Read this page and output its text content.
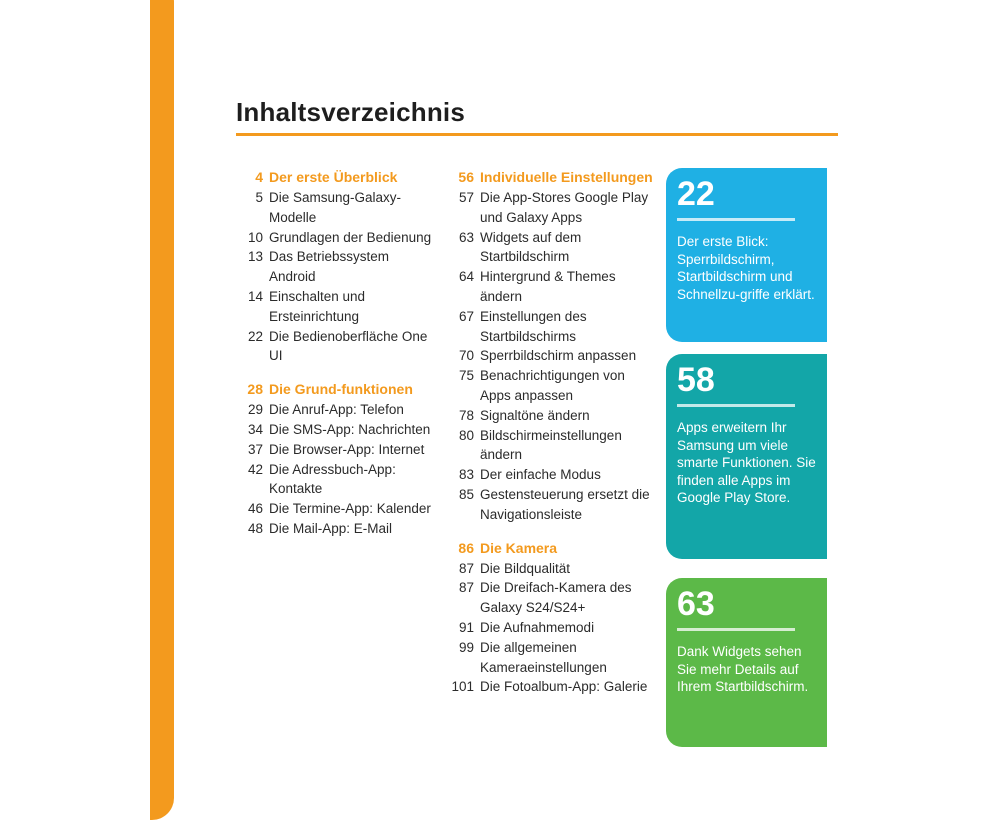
Inhaltsverzeichnis
4 Der erste Überblick
5 Die Samsung-Galaxy-Modelle
10 Grundlagen der Bedienung
13 Das Betriebssystem Android
14 Einschalten und Ersteinrichtung
22 Die Bedienoberfläche One UI
28 Die Grund-funktionen
29 Die Anruf-App: Telefon
34 Die SMS-App: Nachrichten
37 Die Browser-App: Internet
42 Die Adressbuch-App: Kontakte
46 Die Termine-App: Kalender
48 Die Mail-App: E-Mail
56 Individuelle Einstellungen
57 Die App-Stores Google Play und Galaxy Apps
63 Widgets auf dem Startbildschirm
64 Hintergrund & Themes ändern
67 Einstellungen des Startbildschirms
70 Sperrbildschirm anpassen
75 Benachrichtigungen von Apps anpassen
78 Signaltöne ändern
80 Bildschirmeinstellungen ändern
83 Der einfache Modus
85 Gestensteuerung ersetzt die Navigationsleiste
86 Die Kamera
87 Die Bildqualität
87 Die Dreifach-Kamera des Galaxy S24/S24+
91 Die Aufnahmemodi
99 Die allgemeinen Kameraeinstellungen
101 Die Fotoalbum-App: Galerie

22

Der erste Blick: Sperrbildschirm, Startbildschirm und Schnellzu-griffe erklärt.

58

Apps erweitern Ihr Samsung um viele smarte Funktionen. Sie finden alle Apps im Google Play Store.

63

Dank Widgets sehen Sie mehr Details auf Ihrem Startbildschirm.
